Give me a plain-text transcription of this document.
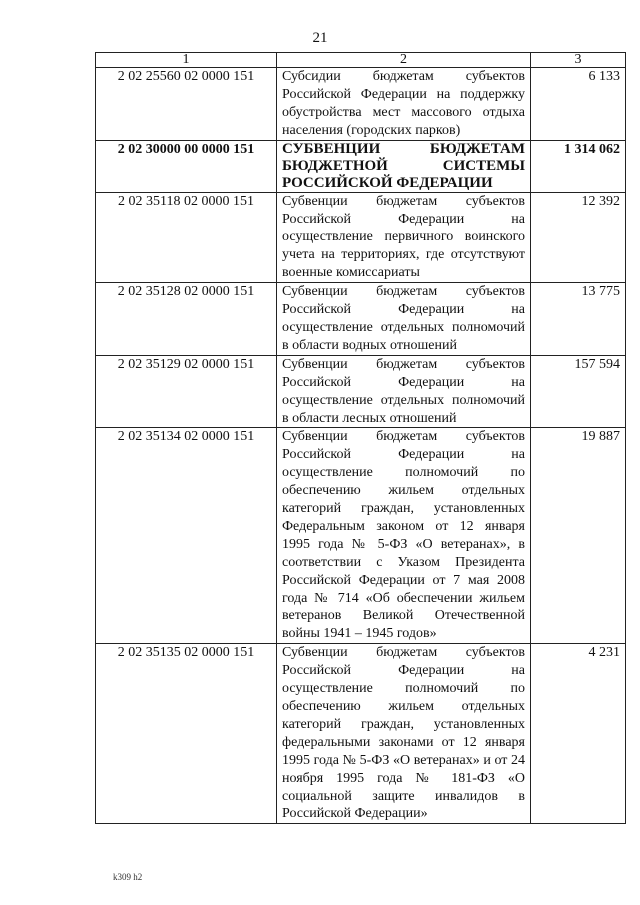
21
1	2	3
2 02 25560 02 0000 151	Субсидии бюджетам субъектов Российской Федерации на поддержку обустройства мест массового отдыха населения (городских парков)	6 133
2 02 30000 00 0000 151	СУБВЕНЦИИ БЮДЖЕТАМ БЮДЖЕТНОЙ СИСТЕМЫ РОССИЙСКОЙ ФЕДЕРАЦИИ	1 314 062
2 02 35118 02 0000 151	Субвенции бюджетам субъектов Российской Федерации на осуществление первичного воинского учета на территориях, где отсутствуют военные комиссариаты	12 392
2 02 35128 02 0000 151	Субвенции бюджетам субъектов Российской Федерации на осуществление отдельных полномочий в области водных отношений	13 775
2 02 35129 02 0000 151	Субвенции бюджетам субъектов Российской Федерации на осуществление отдельных полномочий в области лесных отношений	157 594
2 02 35134 02 0000 151	Субвенции бюджетам субъектов Российской Федерации на осуществление полномочий по обеспечению жильем отдельных категорий граждан, установленных Федеральным законом от 12 января 1995 года № 5-ФЗ «О ветеранах», в соответствии с Указом Президента Российской Федерации от 7 мая 2008 года № 714 «Об обеспечении жильем ветеранов Великой Отечественной войны 1941 – 1945 годов»	19 887
2 02 35135 02 0000 151	Субвенции бюджетам субъектов Российской Федерации на осуществление полномочий по обеспечению жильем отдельных категорий граждан, установленных федеральными законами от 12 января 1995 года № 5-ФЗ «О ветеранах» и от 24 ноября 1995 года № 181-ФЗ «О социальной защите инвалидов в Российской Федерации»	4 231
k309 h2
